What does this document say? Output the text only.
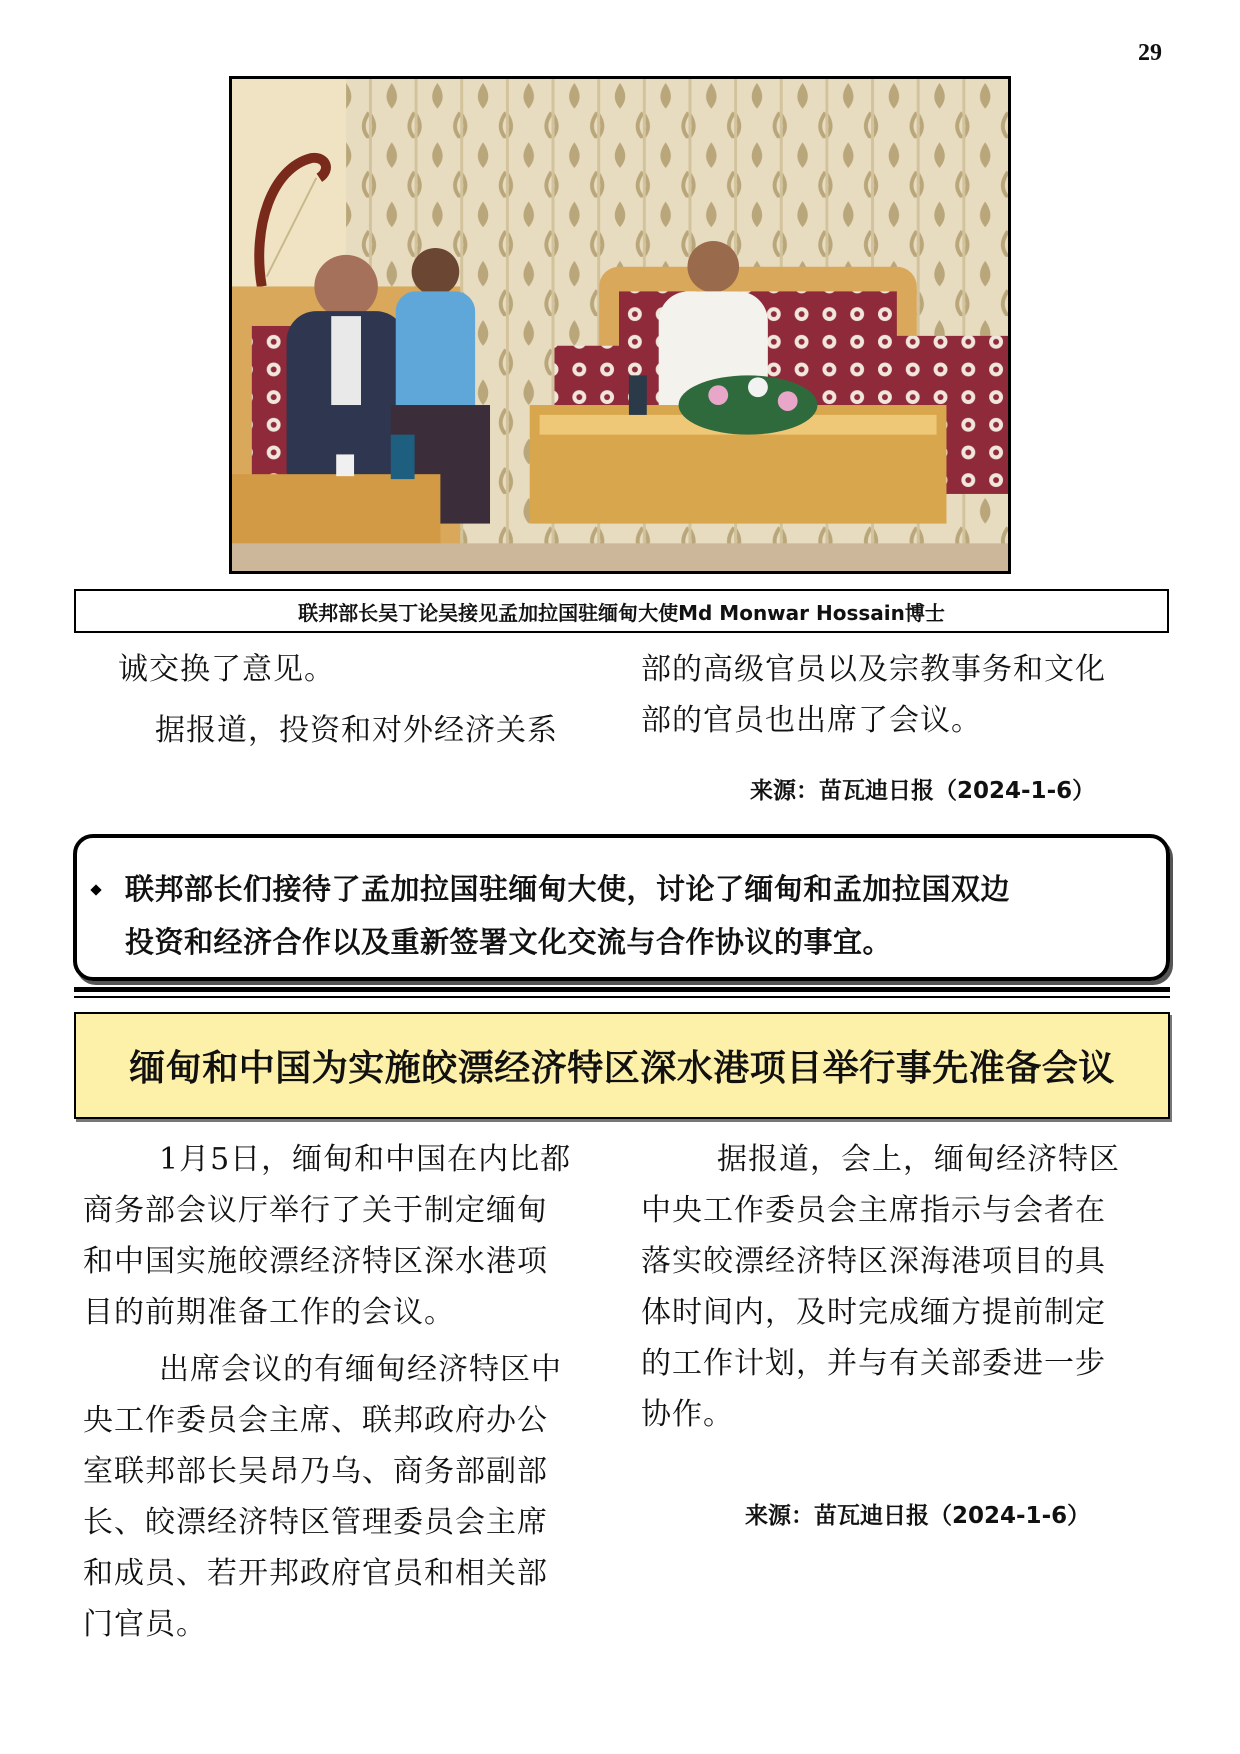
29
联邦部长吴丁论吴接见孟加拉国驻缅甸大使Md Monwar Hossain博士
诚交换了意见。
据报道，投资和对外经济关系
部的高级官员以及宗教事务和文化
部的官员也出席了会议。
来源：苗瓦迪日报（2024-1-6）
联邦部长们接待了孟加拉国驻缅甸大使，讨论了缅甸和孟加拉国双边
投资和经济合作以及重新签署文化交流与合作协议的事宜。
缅甸和中国为实施皎漂经济特区深水港项目举行事先准备会议
1月5日，缅甸和中国在内比都
商务部会议厅举行了关于制定缅甸
和中国实施皎漂经济特区深水港项
目的前期准备工作的会议。
出席会议的有缅甸经济特区中
央工作委员会主席、联邦政府办公
室联邦部长吴昂乃乌、商务部副部
长、皎漂经济特区管理委员会主席
和成员、若开邦政府官员和相关部
门官员。
据报道，会上，缅甸经济特区
中央工作委员会主席指示与会者在
落实皎漂经济特区深海港项目的具
体时间内，及时完成缅方提前制定
的工作计划，并与有关部委进一步
协作。
来源：苗瓦迪日报（2024-1-6）
